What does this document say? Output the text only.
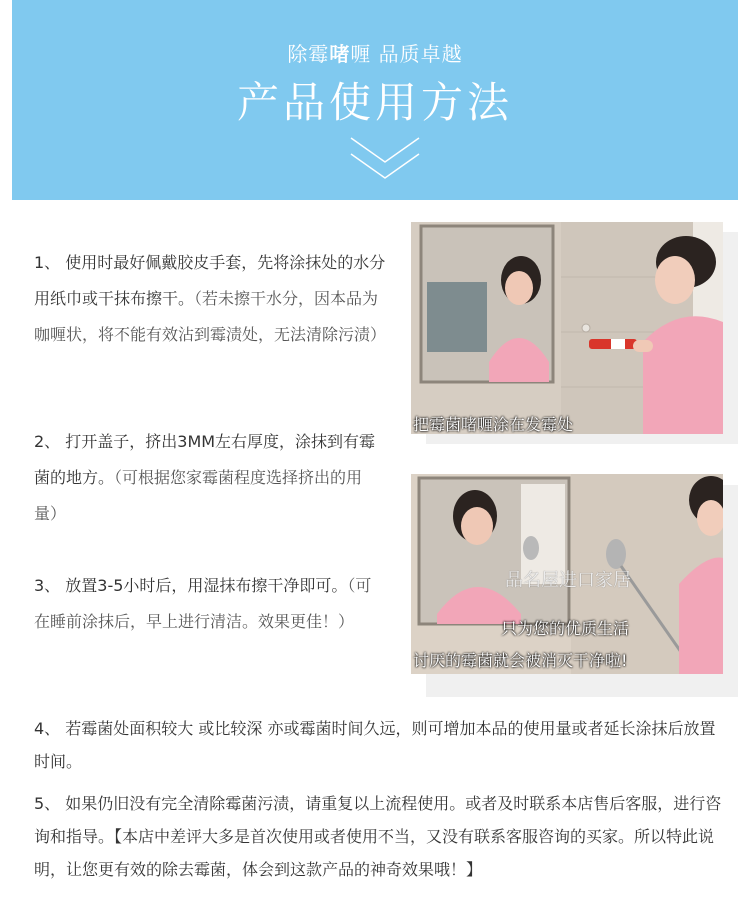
除霉啫喱 品质卓越
产品使用方法
1、 使用时最好佩戴胶皮手套，先将涂抹处的水分用纸巾或干抹布擦干。（若未擦干水分，因本品为咖喱状，将不能有效沾到霉渍处，无法清除污渍）
2、 打开盖子，挤出3MM左右厚度，涂抹到有霉菌的地方。（可根据您家霉菌程度选择挤出的用量）
3、 放置3-5小时后，用湿抹布擦干净即可。（可在睡前涂抹后，早上进行清洁。效果更佳！）
把霉菌啫喱涂在发霉处
品名屋进口家居
只为您的优质生活
讨厌的霉菌就会被消灭干净啦!
4、 若霉菌处面积较大 或比较深 亦或霉菌时间久远，则可增加本品的使用量或者延长涂抹后放置时间。
5、 如果仍旧没有完全清除霉菌污渍，请重复以上流程使用。或者及时联系本店售后客服，进行咨询和指导。【本店中差评大多是首次使用或者使用不当，又没有联系客服咨询的买家。所以特此说明，让您更有效的除去霉菌，体会到这款产品的神奇效果哦！】
